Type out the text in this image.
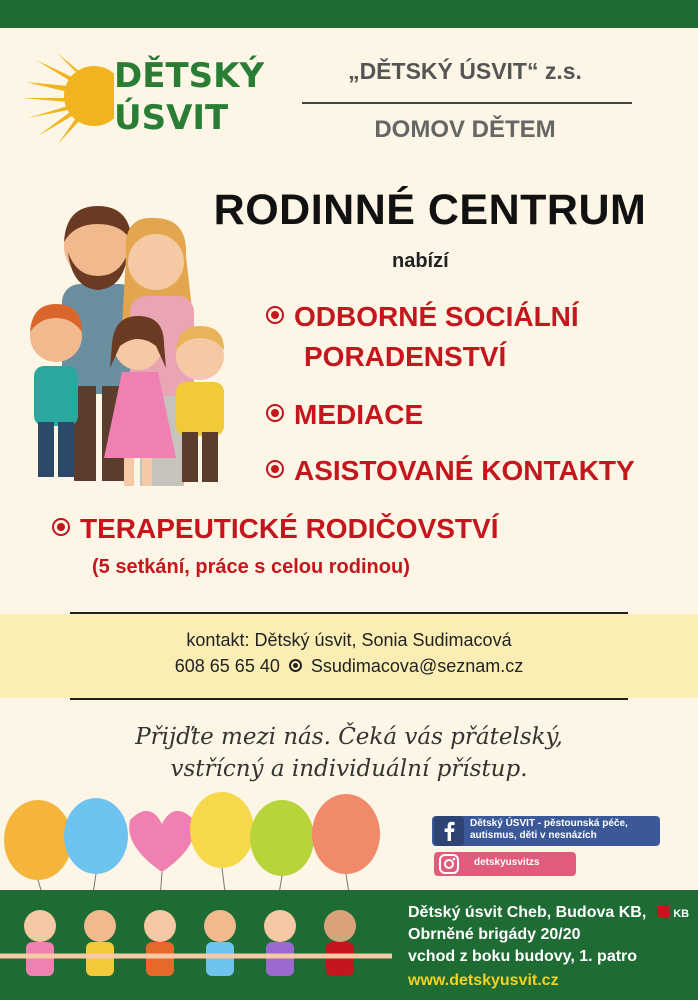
DĚTSKÝ
ÚSVIT
„DĚTSKÝ ÚSVIT“ z.s.
DOMOV DĚTEM
RODINNÉ CENTRUM
nabízí
ODBORNÉ SOCIÁLNÍ
PORADENSTVÍ
MEDIACE
ASISTOVANÉ KONTAKTY
TERAPEUTICKÉ RODIČOVSTVÍ
(5 setkání, práce s celou rodinou)
kontakt: Dětský úsvit, Sonia Sudimacová
608 65 65 40 Ssudimacova@seznam.cz
Přijďte mezi nás. Čeká vás přátelský,
vstřícný a individuální přístup.
Dětský ÚSVIT - pěstounská péče, autismus, děti v nesnázích
detskyusvitzs
Dětský úsvit Cheb, Budova KB, KB
Obrněné brigády 20/20
vchod z boku budovy, 1. patro
www.detskyusvit.cz
